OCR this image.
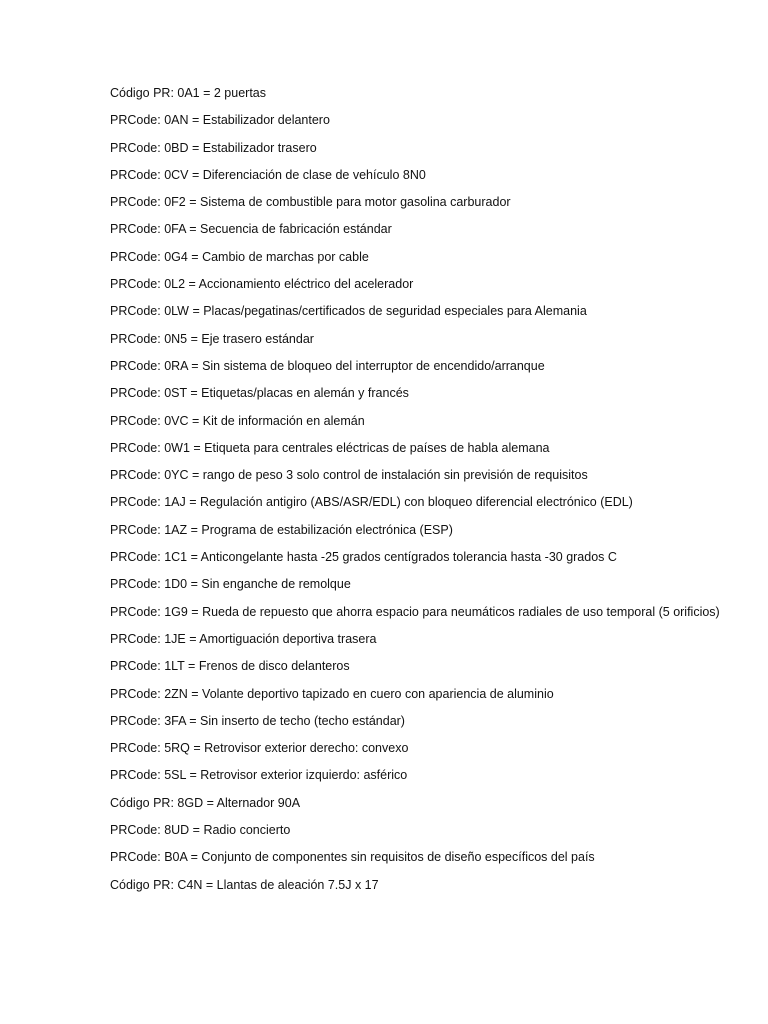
Código PR: 0A1 = 2 puertas

PRCode: 0AN = Estabilizador delantero

PRCode: 0BD = Estabilizador trasero

PRCode: 0CV = Diferenciación de clase de vehículo 8N0

PRCode: 0F2 = Sistema de combustible para motor gasolina carburador

PRCode: 0FA = Secuencia de fabricación estándar

PRCode: 0G4 = Cambio de marchas por cable

PRCode: 0L2 = Accionamiento eléctrico del acelerador

PRCode: 0LW = Placas/pegatinas/certificados de seguridad especiales para Alemania

PRCode: 0N5 = Eje trasero estándar

PRCode: 0RA = Sin sistema de bloqueo del interruptor de encendido/arranque

PRCode: 0ST = Etiquetas/placas en alemán y francés

PRCode: 0VC = Kit de información en alemán

PRCode: 0W1 = Etiqueta para centrales eléctricas de países de habla alemana

PRCode: 0YC = rango de peso 3 solo control de instalación sin previsión de requisitos

PRCode: 1AJ = Regulación antigiro (ABS/ASR/EDL) con bloqueo diferencial electrónico (EDL)

PRCode: 1AZ = Programa de estabilización electrónica (ESP)

PRCode: 1C1 = Anticongelante hasta -25 grados centígrados tolerancia hasta -30 grados C

PRCode: 1D0 = Sin enganche de remolque

PRCode: 1G9 = Rueda de repuesto que ahorra espacio para neumáticos radiales de uso temporal (5 orificios)

PRCode: 1JE = Amortiguación deportiva trasera

PRCode: 1LT = Frenos de disco delanteros

PRCode: 2ZN = Volante deportivo tapizado en cuero con apariencia de aluminio

PRCode: 3FA = Sin inserto de techo (techo estándar)

PRCode: 5RQ = Retrovisor exterior derecho: convexo

PRCode: 5SL = Retrovisor exterior izquierdo: asférico

Código PR: 8GD = Alternador 90A

PRCode: 8UD = Radio concierto

PRCode: B0A = Conjunto de componentes sin requisitos de diseño específicos del país

Código PR: C4N = Llantas de aleación 7.5J x 17
